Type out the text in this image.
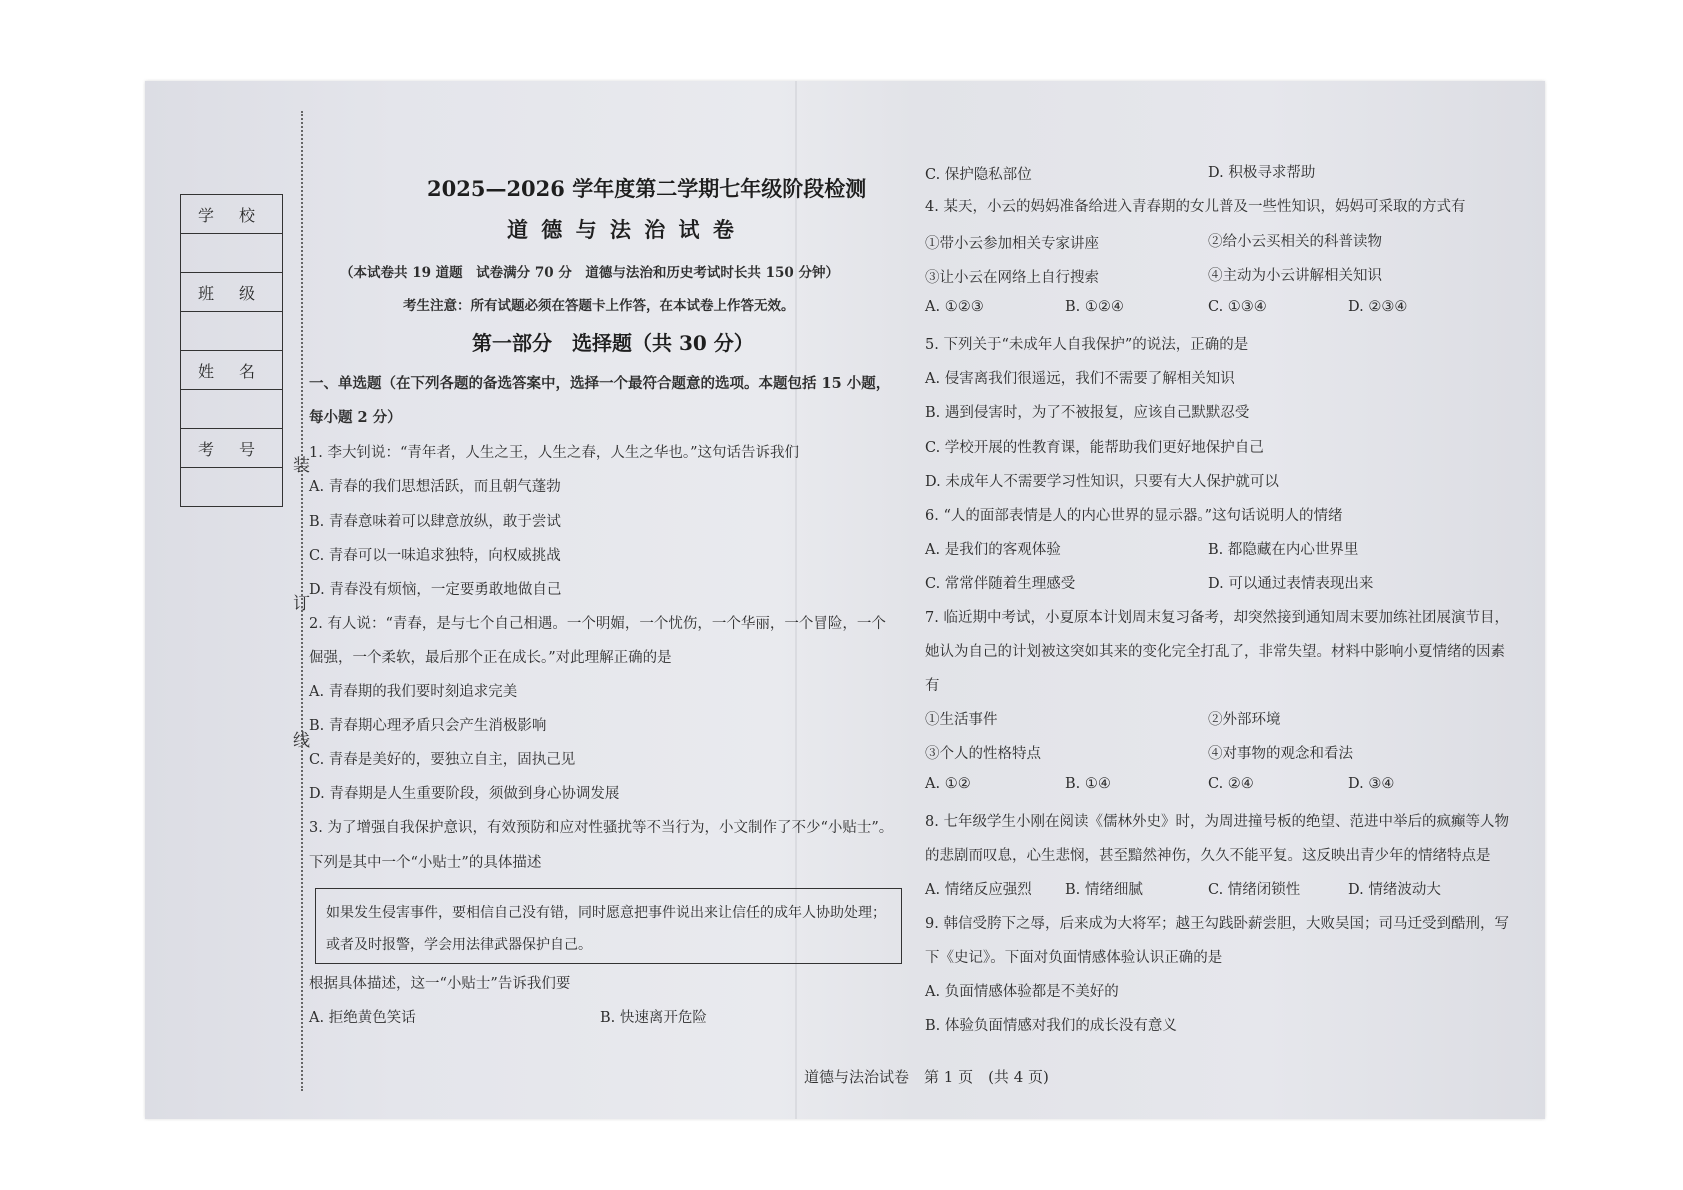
学 校
班 级
姓 名
考 号
装
订
线
2025—2026 学年度第二学期七年级阶段检测
道 德 与 法 治 试 卷
（本试卷共 19 道题　试卷满分 70 分　道德与法治和历史考试时长共 150 分钟）
考生注意：所有试题必须在答题卡上作答，在本试卷上作答无效。
第一部分　选择题（共 30 分）
一、单选题（在下列各题的备选答案中，选择一个最符合题意的选项。本题包括 15 小题，
每小题 2 分）
1. 李大钊说：“青年者，人生之王，人生之春，人生之华也。”这句话告诉我们
A. 青春的我们思想活跃，而且朝气蓬勃
B. 青春意味着可以肆意放纵，敢于尝试
C. 青春可以一味追求独特，向权威挑战
D. 青春没有烦恼，一定要勇敢地做自己
2. 有人说：“青春，是与七个自己相遇。一个明媚，一个忧伤，一个华丽，一个冒险，一个
倔强，一个柔软，最后那个正在成长。”对此理解正确的是
A. 青春期的我们要时刻追求完美
B. 青春期心理矛盾只会产生消极影响
C. 青春是美好的，要独立自主，固执己见
D. 青春期是人生重要阶段，须做到身心协调发展
3. 为了增强自我保护意识，有效预防和应对性骚扰等不当行为，小文制作了不少“小贴士”。
下列是其中一个“小贴士”的具体描述
如果发生侵害事件，要相信自己没有错，同时愿意把事件说出来让信任的成年人协助处理；
或者及时报警，学会用法律武器保护自己。
根据具体描述，这一“小贴士”告诉我们要
A. 拒绝黄色笑话	B. 快速离开危险
C. 保护隐私部位	D. 积极寻求帮助
4. 某天，小云的妈妈准备给进入青春期的女儿普及一些性知识，妈妈可采取的方式有
①带小云参加相关专家讲座	②给小云买相关的科普读物
③让小云在网络上自行搜索	④主动为小云讲解相关知识
A. ①②③	B. ①②④	C. ①③④	D. ②③④
5. 下列关于“未成年人自我保护”的说法，正确的是
A. 侵害离我们很遥远，我们不需要了解相关知识
B. 遇到侵害时，为了不被报复，应该自己默默忍受
C. 学校开展的性教育课，能帮助我们更好地保护自己
D. 未成年人不需要学习性知识，只要有大人保护就可以
6. “人的面部表情是人的内心世界的显示器。”这句话说明人的情绪
A. 是我们的客观体验	B. 都隐藏在内心世界里
C. 常常伴随着生理感受	D. 可以通过表情表现出来
7. 临近期中考试，小夏原本计划周末复习备考，却突然接到通知周末要加练社团展演节目，
她认为自己的计划被这突如其来的变化完全打乱了，非常失望。材料中影响小夏情绪的因素
有
①生活事件	②外部环境
③个人的性格特点	④对事物的观念和看法
A. ①②	B. ①④	C. ②④	D. ③④
8. 七年级学生小刚在阅读《儒林外史》时，为周进撞号板的绝望、范进中举后的疯癫等人物
的悲剧而叹息，心生悲悯，甚至黯然神伤，久久不能平复。这反映出青少年的情绪特点是
A. 情绪反应强烈 B. 情绪细腻	C. 情绪闭锁性	D. 情绪波动大
9. 韩信受胯下之辱，后来成为大将军；越王勾践卧薪尝胆，大败吴国；司马迁受到酷刑，写
下《史记》。下面对负面情感体验认识正确的是
A. 负面情感体验都是不美好的
B. 体验负面情感对我们的成长没有意义
道德与法治试卷　第 1 页　(共 4 页)
